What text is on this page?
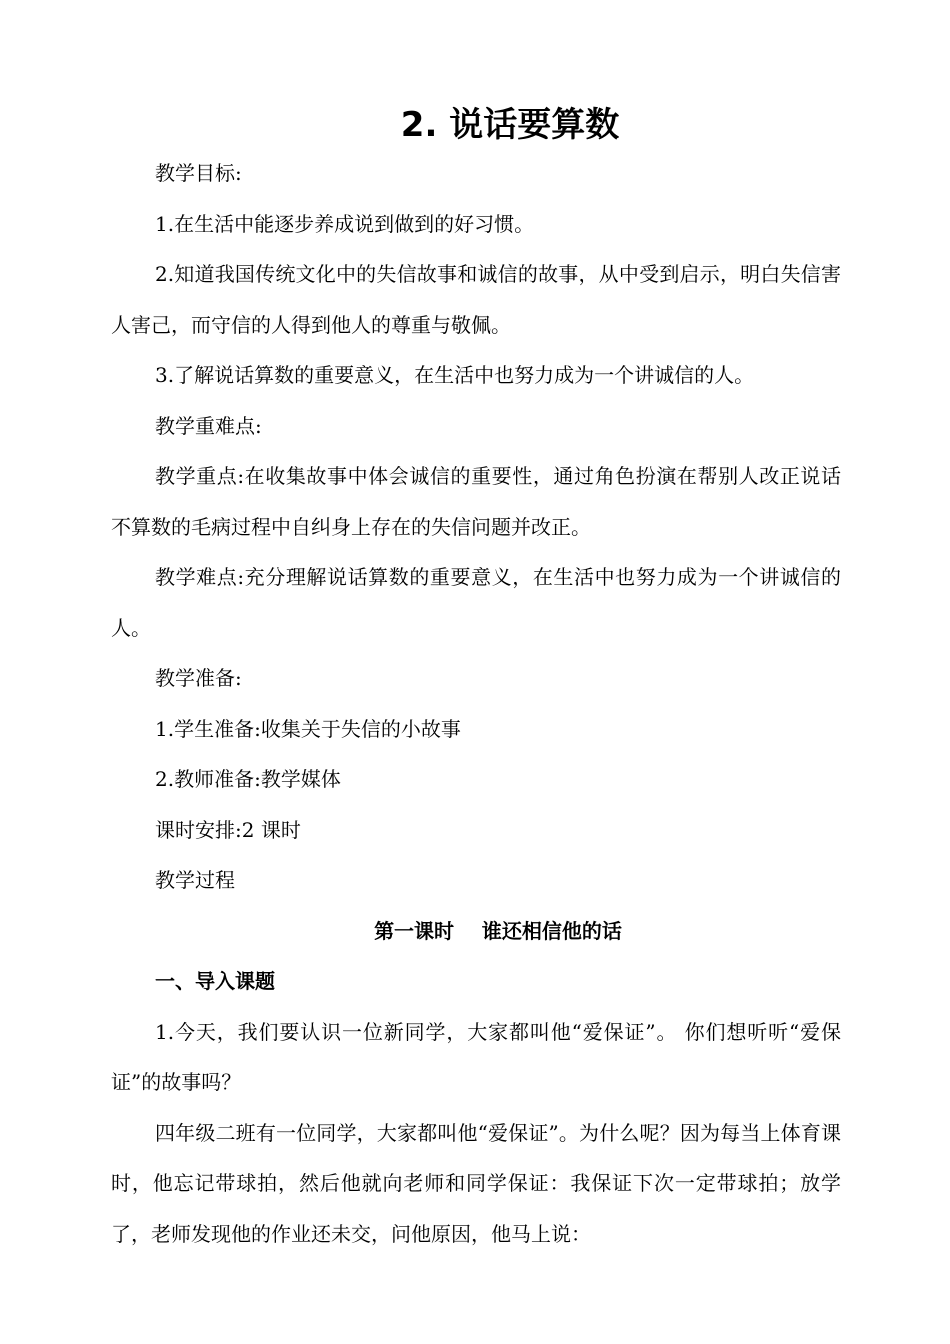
2. 说话要算数

教学目标:

1.在生活中能逐步养成说到做到的好习惯。

2.知道我国传统文化中的失信故事和诚信的故事，从中受到启示，明白失信害人害己，而守信的人得到他人的尊重与敬佩。

3.了解说话算数的重要意义，在生活中也努力成为一个讲诚信的人。

教学重难点:

教学重点:在收集故事中体会诚信的重要性，通过角色扮演在帮别人改正说话不算数的毛病过程中自纠身上存在的失信问题并改正。

教学难点:充分理解说话算数的重要意义，在生活中也努力成为一个讲诚信的人。

教学准备:

1.学生准备:收集关于失信的小故事

2.教师准备:教学媒体

课时安排:2 课时

教学过程

第一课时    谁还相信他的话

一、导入课题

1.今天，我们要认识一位新同学，大家都叫他“爱保证”。 你们想听听“爱保证”的故事吗？

四年级二班有一位同学，大家都叫他“爱保证”。为什么呢？因为每当上体育课时，他忘记带球拍，然后他就向老师和同学保证：我保证下次一定带球拍；放学了，老师发现他的作业还未交，问他原因，他马上说：
